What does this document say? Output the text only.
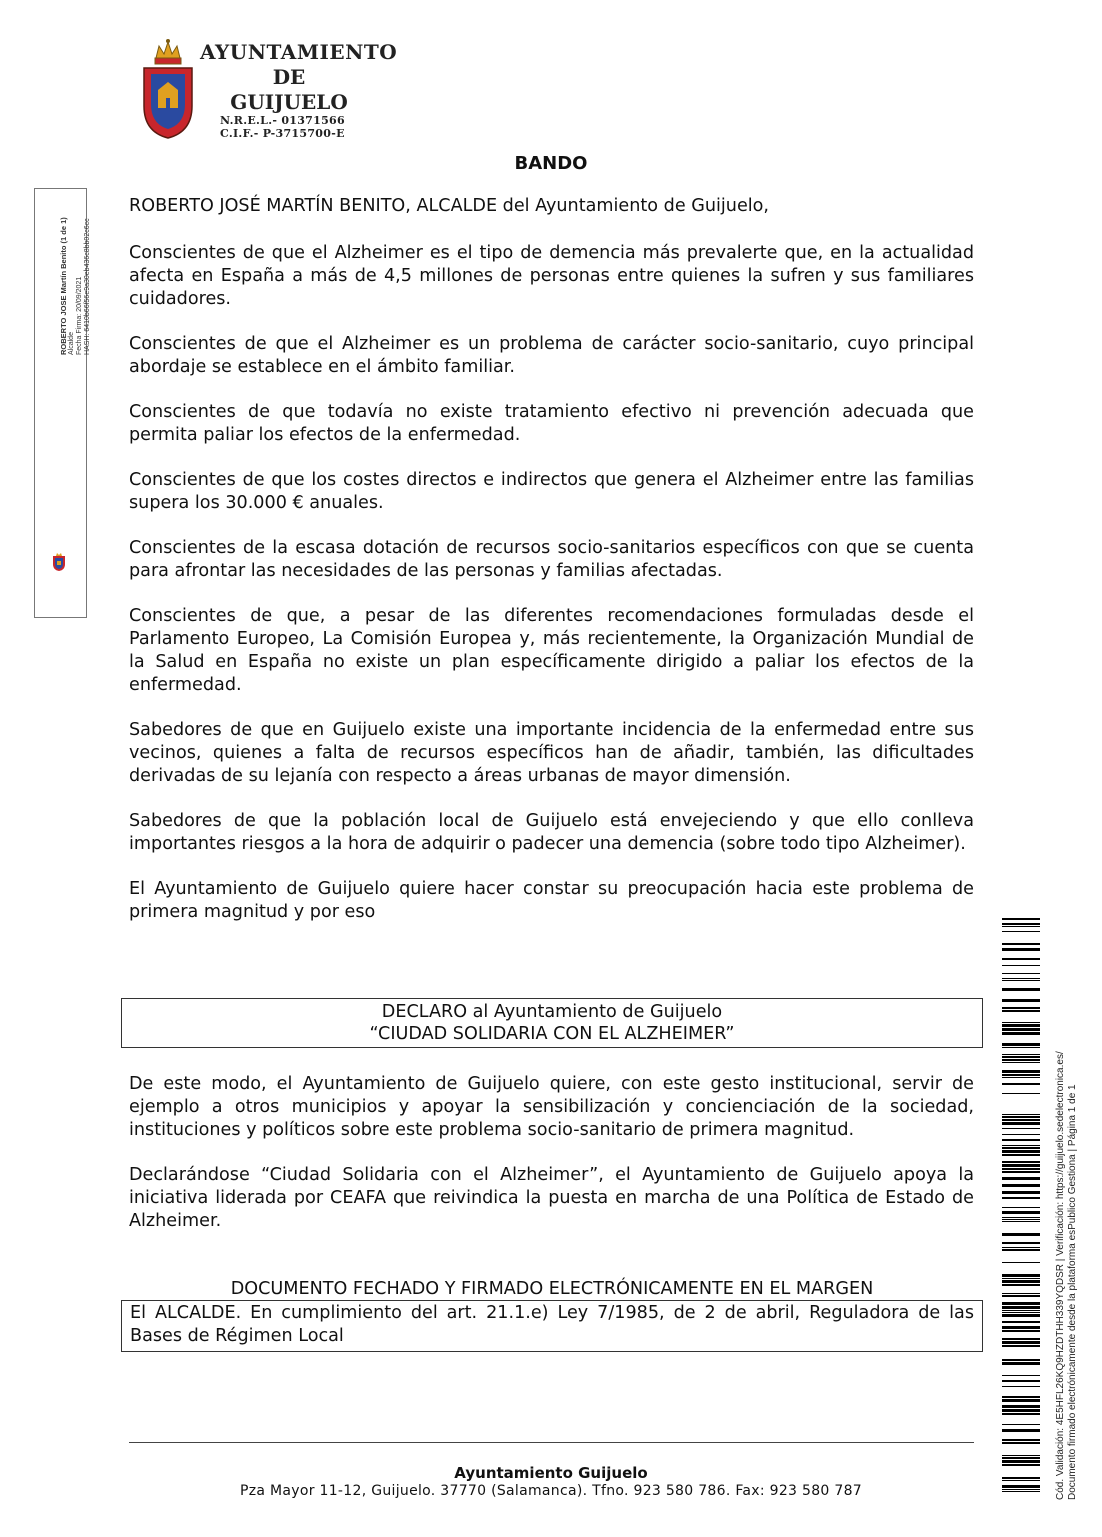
AYUNTAMIENTO
DE
GUIJUELO
N.R.E.L.- 01371566
C.I.F.- P-3715700-E
BANDO
ROBERTO JOSE Martín Benito (1 de 1) Alcalde Fecha Firma: 20/09/2021 HASH: 6410b66f56e9a30eb436c8bb02c6cc

ROBERTO JOSÉ MARTÍN BENITO, ALCALDE del Ayuntamiento de Guijuelo,

Conscientes de que el Alzheimer es el tipo de demencia más prevalerte que, en la actualidad afecta en España a más de 4,5 millones de personas entre quienes la sufren y sus familiares cuidadores.

Conscientes de que el Alzheimer es un problema de carácter socio-sanitario, cuyo principal abordaje se establece en el ámbito familiar.

Conscientes de que todavía no existe tratamiento efectivo ni prevención adecuada que permita paliar los efectos de la enfermedad.

Conscientes de que los costes directos e indirectos que genera el Alzheimer entre las familias supera los 30.000 € anuales.

Conscientes de la escasa dotación de recursos socio-sanitarios específicos con que se cuenta para afrontar las necesidades de las personas y familias afectadas.

Conscientes de que, a pesar de las diferentes recomendaciones formuladas desde el Parlamento Europeo, La Comisión Europea y, más recientemente, la Organización Mundial de la Salud en España no existe un plan específicamente dirigido a paliar los efectos de la enfermedad.

Sabedores de que en Guijuelo existe una importante incidencia de la enfermedad entre sus vecinos, quienes a falta de recursos específicos han de añadir, también, las dificultades derivadas de su lejanía con respecto a áreas urbanas de mayor dimensión.

Sabedores de que la población local de Guijuelo está envejeciendo y que ello conlleva importantes riesgos a la hora de adquirir o padecer una demencia (sobre todo tipo Alzheimer).

El Ayuntamiento de Guijuelo quiere hacer constar su preocupación hacia este problema de primera magnitud y por eso

DECLARO al Ayuntamiento de Guijuelo
“CIUDAD SOLIDARIA CON EL ALZHEIMER”

De este modo, el Ayuntamiento de Guijuelo quiere, con este gesto institucional, servir de ejemplo a otros municipios y apoyar la sensibilización y concienciación de la sociedad, instituciones y políticos sobre este problema socio-sanitario de primera magnitud.

Declarándose “Ciudad Solidaria con el Alzheimer”, el Ayuntamiento de Guijuelo apoya la iniciativa liderada por CEAFA que reivindica la puesta en marcha de una Política de Estado de Alzheimer.

DOCUMENTO FECHADO Y FIRMADO ELECTRÓNICAMENTE EN EL MARGEN
El ALCALDE. En cumplimiento del art. 21.1.e) Ley 7/1985, de 2 de abril, Reguladora de las Bases de Régimen Local
Ayuntamiento Guijuelo
Pza Mayor 11-12, Guijuelo. 37770 (Salamanca). Tfno. 923 580 786. Fax: 923 580 787	Cód. Validación: 4E5HFL26KQ9HZDTHH339YQDSR | Verificación: https://guijuelo.sedelectronica.es/ Documento firmado electrónicamente desde la plataforma esPublico Gestiona | Página 1 de 1
